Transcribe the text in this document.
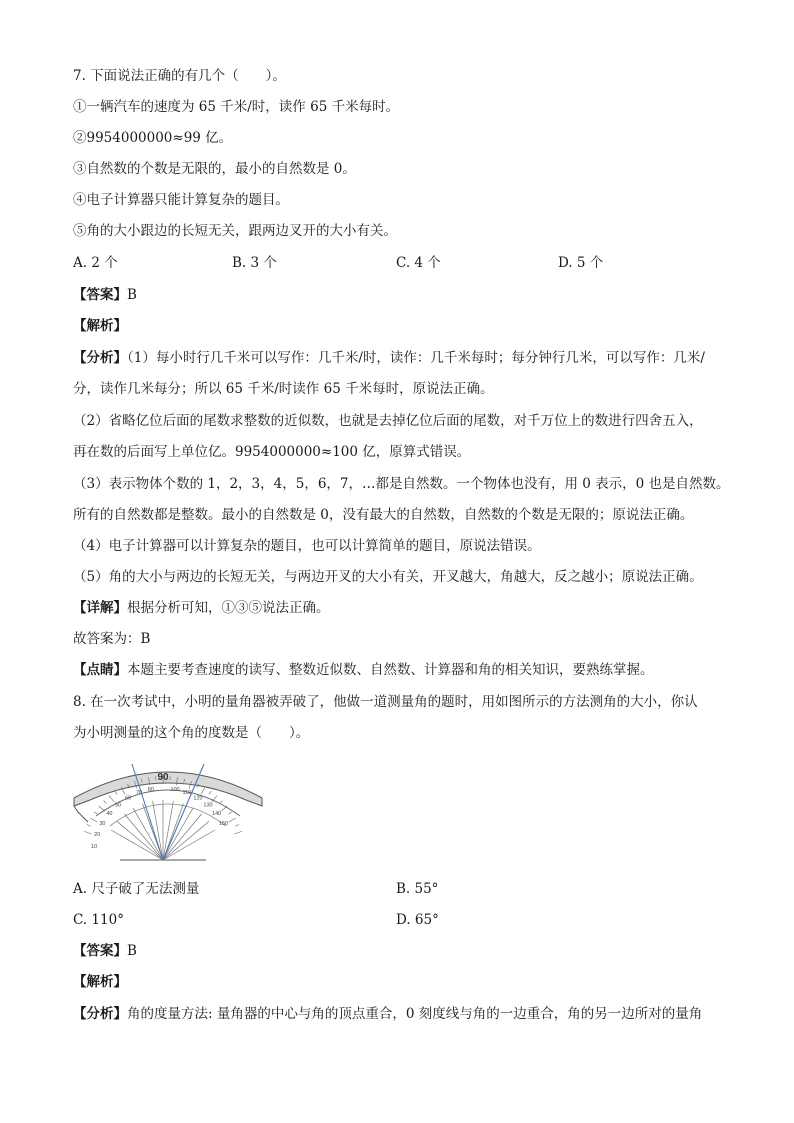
7. 下面说法正确的有几个（　　）。
①一辆汽车的速度为 65 千米/时，读作 65 千米每时。
②9954000000≈99 亿。
③自然数的个数是无限的，最小的自然数是 0。
④电子计算器只能计算复杂的题目。
⑤角的大小跟边的长短无关，跟两边叉开的大小有关。
A. 2 个	B. 3 个	C. 4 个	D. 5 个
【答案】B
【解析】
【分析】（1）每小时行几千米可以写作：几千米/时，读作：几千米每时；每分钟行几米，可以写作：几米/
分，读作几米每分；所以 65 千米/时读作 65 千米每时，原说法正确。
（2）省略亿位后面的尾数求整数的近似数，也就是去掉亿位后面的尾数，对千万位上的数进行四舍五入，
再在数的后面写上单位亿。9954000000≈100 亿，原算式错误。
（3）表示物体个数的 1，2，3，4，5，6，7，…都是自然数。一个物体也没有，用 0 表示，0 也是自然数。
所有的自然数都是整数。最小的自然数是 0，没有最大的自然数，自然数的个数是无限的；原说法正确。
（4）电子计算器可以计算复杂的题目，也可以计算简单的题目，原说法错误。
（5）角的大小与两边的长短无关，与两边开叉的大小有关，开叉越大，角越大，反之越小；原说法正确。
【详解】根据分析可知，①③⑤说法正确。
故答案为：B
【点睛】本题主要考查速度的读写、整数近似数、自然数、计算器和角的相关知识，要熟练掌握。
8. 在一次考试中，小明的量角器被弄破了，他做一道测量角的题时，用如图所示的方法测角的大小，你认
为小明测量的这个角的度数是（　　）。
90
10
20
30
40
50
60
70
80	100
110
120
130
140
150
A. 尺子破了无法测量	B. 55°
C. 110°	D. 65°
【答案】B
【解析】
【分析】角的度量方法: 量角器的中心与角的顶点重合，0 刻度线与角的一边重合，角的另一边所对的量角
